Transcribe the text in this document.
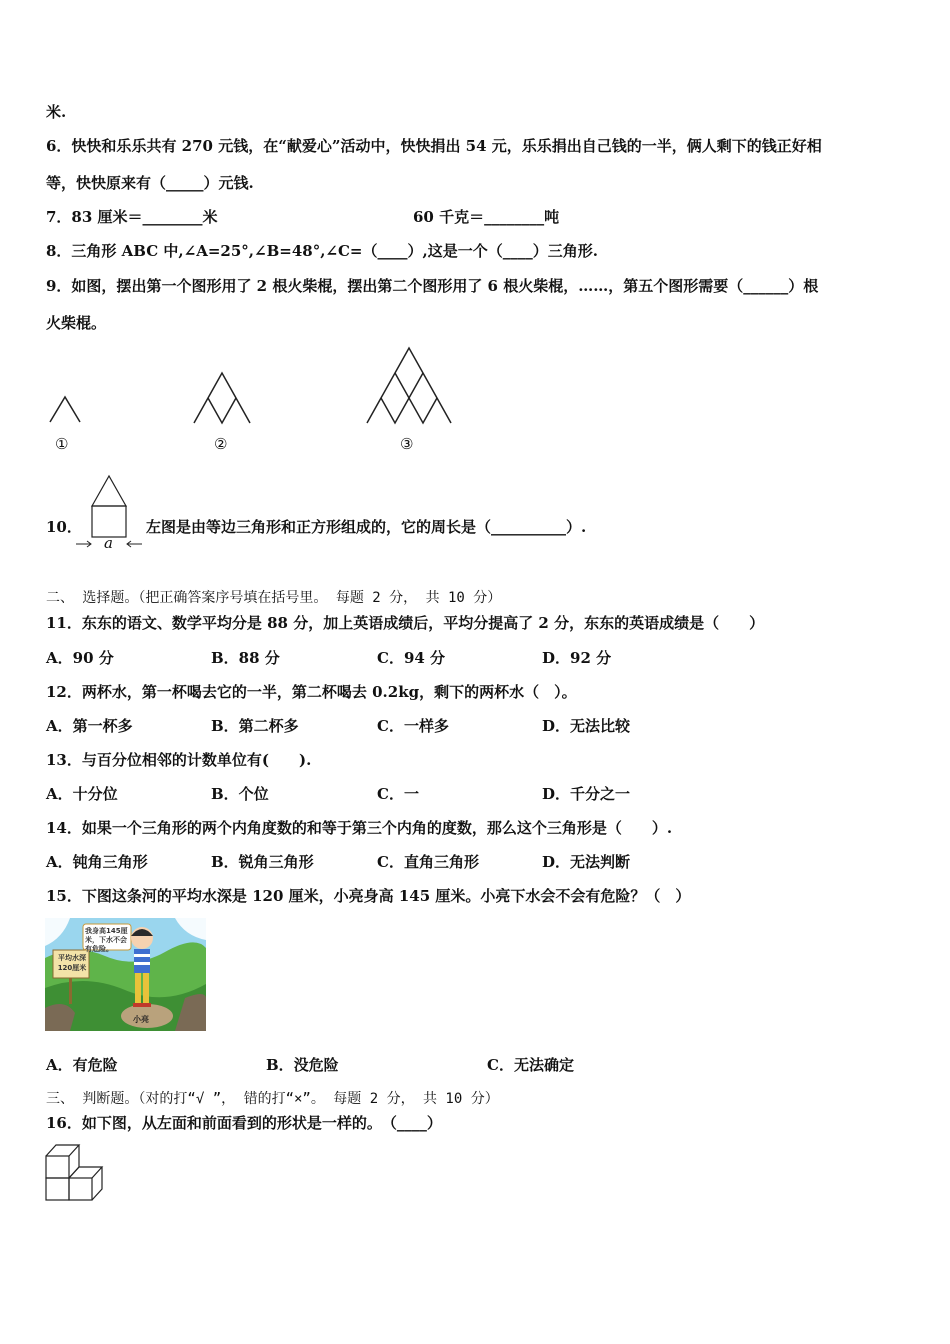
米.
6．快快和乐乐共有 270 元钱，在“献爱心”活动中，快快捐出 54 元，乐乐捐出自己钱的一半，俩人剩下的钱正好相
等，快快原来有（_____）元钱.
7．83 厘米＝________米	60 千克＝________吨
8．三角形 ABC 中,∠A=25°,∠B=48°,∠C=（____）,这是一个（____）三角形.
9．如图，摆出第一个图形用了 2 根火柴棍，摆出第二个图形用了 6 根火柴棍，……，第五个图形需要（______）根
火柴棍。
①	②	③
10．
a
左图是由等边三角形和正方形组成的，它的周长是（__________）.
二、 选择题。（把正确答案序号填在括号里。 每题 2 分， 共 10 分）
11．东东的语文、数学平均分是 88 分，加上英语成绩后，平均分提高了 2 分，东东的英语成绩是（　　）
A．90 分	B．88 分	C．94 分	D．92 分
12．两杯水，第一杯喝去它的一半，第二杯喝去 0.2kg，剩下的两杯水（　）。
A．第一杯多	B．第二杯多	C．一样多	D．无法比较
13．与百分位相邻的计数单位有(　　).
A．十分位	B．个位	C．一	D．千分之一
14．如果一个三角形的两个内角度数的和等于第三个内角的度数，那么这个三角形是（　　）.
A．钝角三角形	B．锐角三角形	C．直角三角形	D．无法判断
15．下图这条河的平均水深是 120 厘米，小亮身高 145 厘米。小亮下水会不会有危险？（　）
我身高145厘米，下水不会有危险。
平均水深120厘米
小亮
A．有危险	B．没危险	C．无法确定
三、 判断题。（对的打“√ ”， 错的打“×”。 每题 2 分， 共 10 分）
16．如下图，从左面和前面看到的形状是一样的。　（____）
